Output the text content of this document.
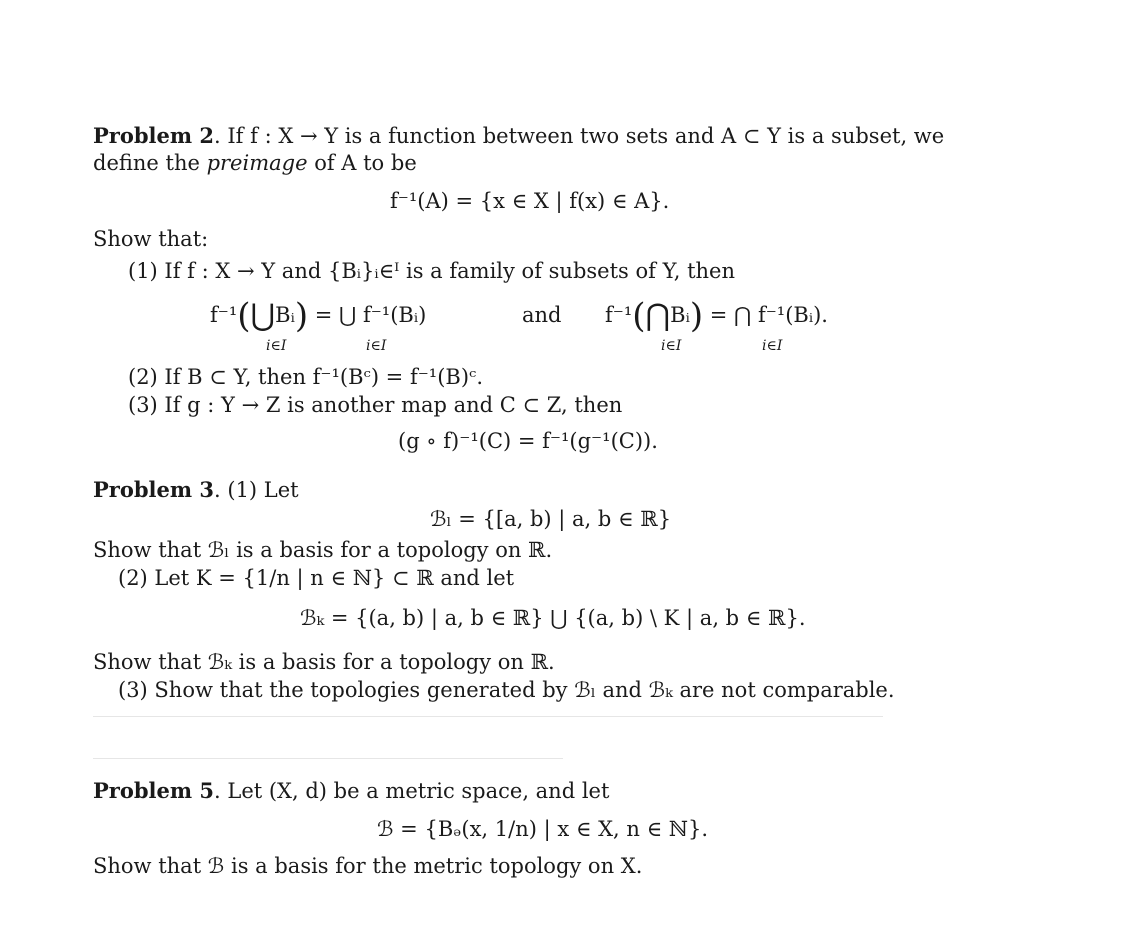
Problem 2. If f : X → Y is a function between two sets and A ⊂ Y is a subset, we
define the preimage of A to be
f⁻¹(A) = {x ∈ X | f(x) ∈ A}.
Show that:
(1) If f : X → Y and {Bᵢ}ᵢ∈ᴵ is a family of subsets of Y, then
f⁻¹(⋃Bᵢ) = ⋃ f⁻¹(Bᵢ)
i∈I	i∈I
and f⁻¹(⋂Bᵢ) = ⋂ f⁻¹(Bᵢ).
i∈I	i∈I
(2) If B ⊂ Y, then f⁻¹(Bᶜ) = f⁻¹(B)ᶜ.
(3) If g : Y → Z is another map and C ⊂ Z, then
(g ∘ f)⁻¹(C) = f⁻¹(g⁻¹(C)).
Problem 3. (1) Let
ℬₗ = {[a, b) | a, b ∈ ℝ}
Show that ℬₗ is a basis for a topology on ℝ.
(2) Let K = {1/n | n ∈ ℕ} ⊂ ℝ and let
ℬₖ = {(a, b) | a, b ∈ ℝ} ⋃ {(a, b) \ K | a, b ∈ ℝ}.
Show that ℬₖ is a basis for a topology on ℝ.
(3) Show that the topologies generated by ℬₗ and ℬₖ are not comparable.
Problem 5. Let (X, d) be a metric space, and let
ℬ = {Bₔ(x, 1/n) | x ∈ X, n ∈ ℕ}.
Show that ℬ is a basis for the metric topology on X.
